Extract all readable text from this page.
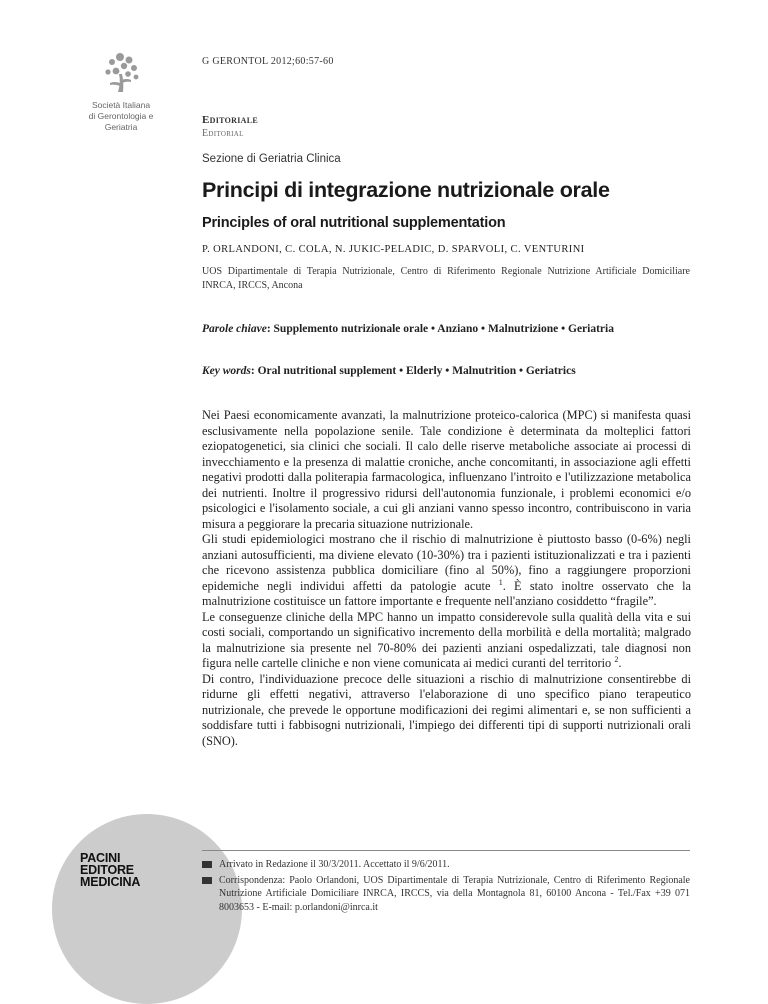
Società Italiana
di Gerontologia e
Geriatria
G GERONTOL 2012;60:57-60
Editoriale
Editorial
Sezione di Geriatria Clinica
Principi di integrazione nutrizionale orale
Principles of oral nutritional supplementation
P. ORLANDONI, C. COLA, N. JUKIC-PELADIC, D. SPARVOLI, C. VENTURINI
UOS Dipartimentale di Terapia Nutrizionale, Centro di Riferimento Regionale Nutrizione Artificiale Domiciliare INRCA, IRCCS, Ancona
Parole chiave: Supplemento nutrizionale orale • Anziano • Malnutrizione • Geriatria
Key words: Oral nutritional supplement • Elderly • Malnutrition • Geriatrics

Nei Paesi economicamente avanzati, la malnutrizione proteico-calorica (MPC) si manifesta quasi esclusivamente nella popolazione senile. Tale condizione è determinata da molteplici fattori eziopatogenetici, sia clinici che sociali. Il calo delle riserve metaboliche associate ai processi di invecchiamento e la presenza di malattie croniche, anche concomitanti, in associazione agli effetti negativi prodotti dalla politerapia farmacologica, influenzano l'introito e l'utilizzazione metabolica dei nutrienti. Inoltre il progressivo ridursi dell'autonomia funzionale, i problemi economici e/o psicologici e l'isolamento sociale, a cui gli anziani vanno spesso incontro, contribuiscono in varia misura a peggiorare la precaria situazione nutrizionale.

Gli studi epidemiologici mostrano che il rischio di malnutrizione è piuttosto basso (0-6%) negli anziani autosufficienti, ma diviene elevato (10-30%) tra i pazienti istituzionalizzati e tra i pazienti che ricevono assistenza pubblica domiciliare (fino al 50%), fino a raggiungere proporzioni epidemiche negli individui affetti da patologie acute $^1$. È stato inoltre osservato che la malnutrizione costituisce un fattore importante e frequente nell'anziano cosiddetto “fragile”.

Le conseguenze cliniche della MPC hanno un impatto considerevole sulla qualità della vita e sui costi sociali, comportando un significativo incremento della morbilità e della mortalità; malgrado la malnutrizione sia presente nel 70-80% dei pazienti anziani ospedalizzati, tale diagnosi non figura nelle cartelle cliniche e non viene comunicata ai medici curanti del territorio $^2$.

Di contro, l'individuazione precoce delle situazioni a rischio di malnutrizione consentirebbe di ridurne gli effetti negativi, attraverso l'elaborazione di uno specifico piano terapeutico nutrizionale, che prevede le opportune modificazioni dei regimi alimentari e, se non sufficienti a soddisfare tutti i fabbisogni nutrizionali, l'impiego dei differenti tipi di supporti nutrizionali orali (SNO).

PACINI
EDITORE
MEDICINA
Arrivato in Redazione il 30/3/2011. Accettato il 9/6/2011.
Corrispondenza: Paolo Orlandoni, UOS Dipartimentale di Terapia Nutrizionale, Centro di Riferimento Regionale Nutrizione Artificiale Domiciliare INRCA, IRCCS, via della Montagnola 81, 60100 Ancona - Tel./Fax +39 071 8003653 - E-mail: p.orlandoni@inrca.it
